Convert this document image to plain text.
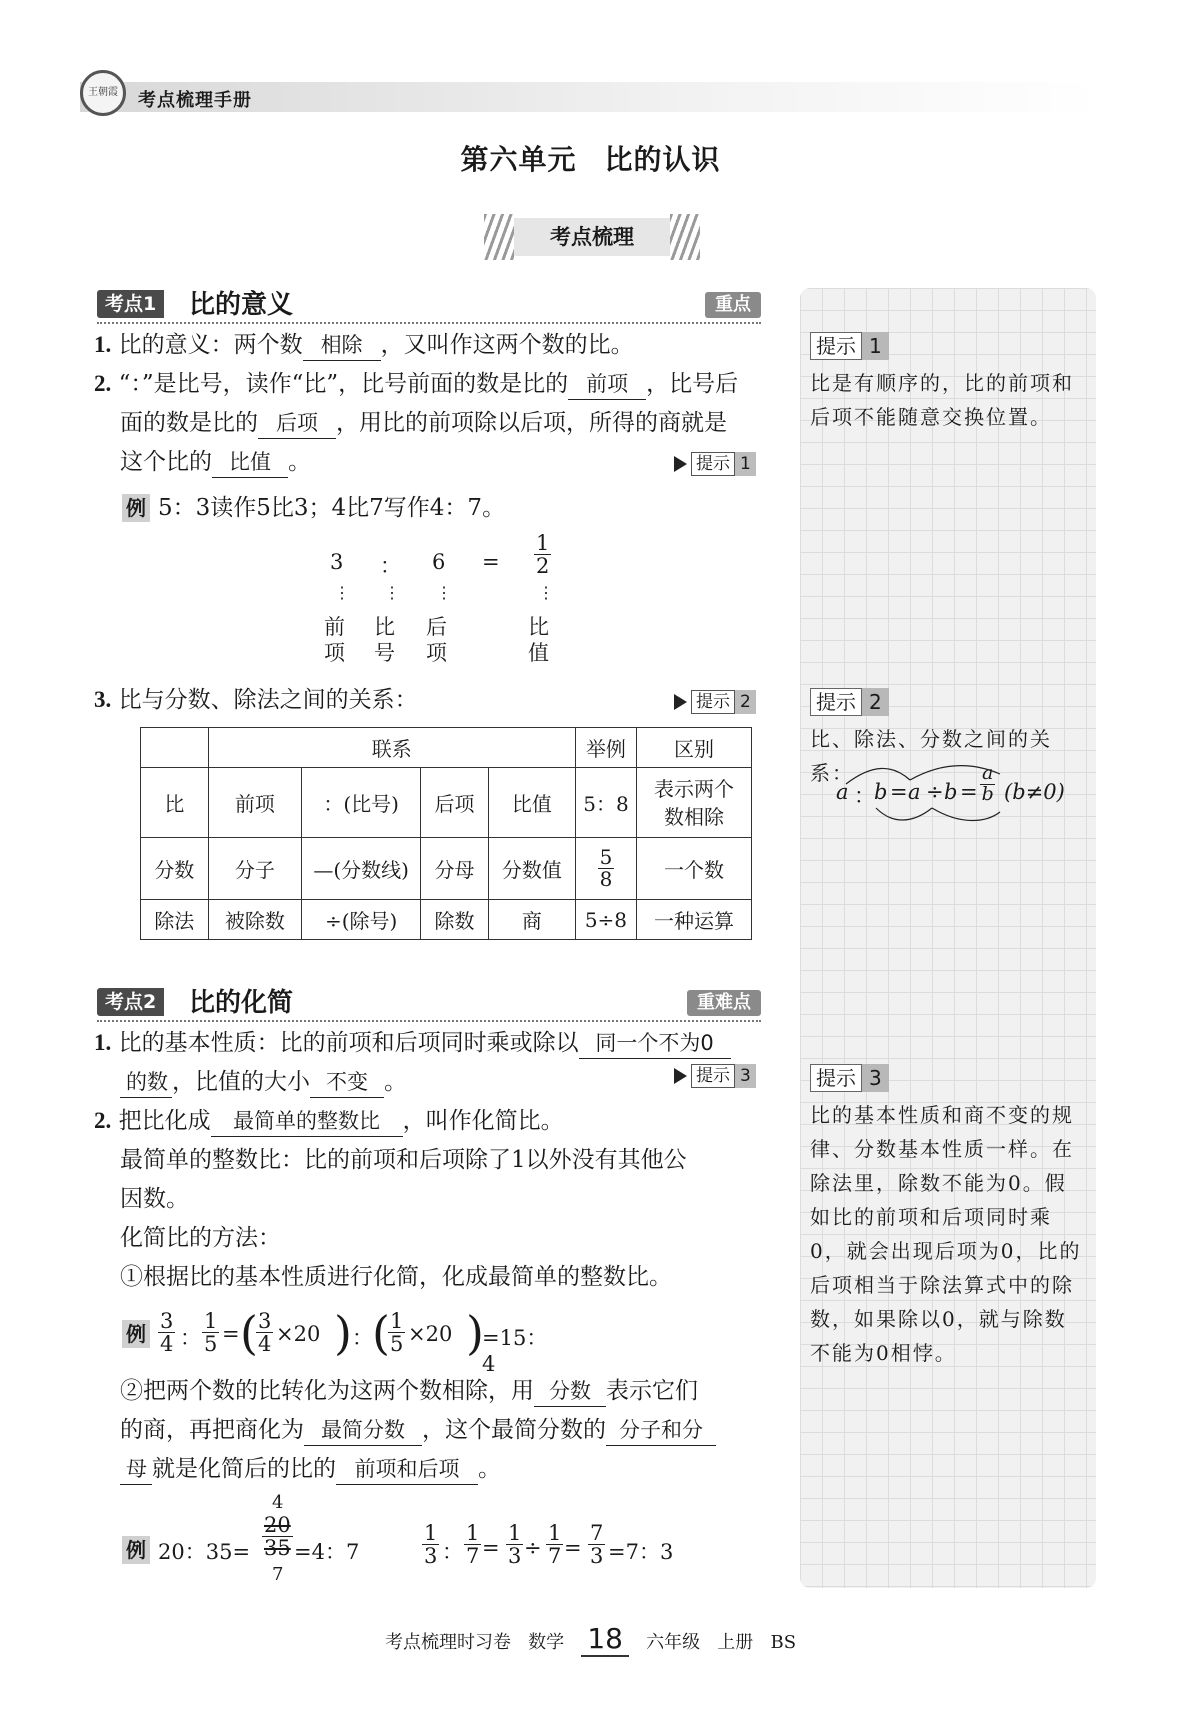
王朝霞	考点梳理手册
第六单元 比的认识
考点梳理
提示 1
比是有顺序的，比的前项和后项不能随意交换位置。
提示 2
比、除法、分数之间的关系：
a ： $b = a \div b = \frac{a}{b} (b\ne 0)$
提示 3
比的基本性质和商不变的规律、分数基本性质一样。在除法里，除数不能为0。假如比的前项和后项同时乘0，就会出现后项为0，比的后项相当于除法算式中的除数，如果除以0，就与除数不能为0相悖。
考点1	比的意义	重点
1. 比的意义：两个数 相除 ，又叫作这两个数的比。
2. “：”是比号，读作“比”，比号前面的数是比的 前项 ，比号后
面的数是比的 后项 ，用比的前项除以后项，所得的商就是
这个比的 比值 。	提示 1
例 5：3读作5比3；4比7写作4：7。
3 ： $6 = \frac{1}{2}$
⋮ ⋮ ⋮	⋮
前
项
比
号
后
项
比
值
3. 比与分数、除法之间的关系：	提示 2
	联系				举例	区别
比	前项	：(比号)	后项	比值	5：8	表示两个
数相除

分数	分子	—(分数线)	分母	分数值	$\frac{5}{8}$	一个数
除法	被除数	÷(除号)	除数	商	5÷8	一种运算
考点2	比的化简	重难点
1. 比的基本性质：比的前项和后项同时乘或除以 同一个不为0
的数 ，比值的大小 不变 。	提示 3
2. 把比化成 最简单的整数比 ，叫作化简比。
最简单的整数比：比的前项和后项除了1以外没有其他公
因数。
化简比的方法：
①根据比的基本性质进行化简，化成最简单的整数比。
例 $\frac{3}{4}$ ： $\frac{1}{5}$ = (
$\frac{3}{4} \times 20$ ) ： (
$\frac{1}{5} \times 20$ )
=15：4
②把两个数的比转化为这两个数相除，用 分数 表示它们
的商，再把商化为 最简分数 ，这个最简分数的 分子和分
母 就是化简后的比的 前项和后项 。
例 20：35=
4
$\frac{20}{35}$
7
=4：7	$\frac{1}{3}$ ： $\frac{1}{7} = \frac{1}{3} \div \frac{1}{7} = \frac{7}{3} =7$：3
考点梳理时习卷 数学 18 六年级 上册 BS
